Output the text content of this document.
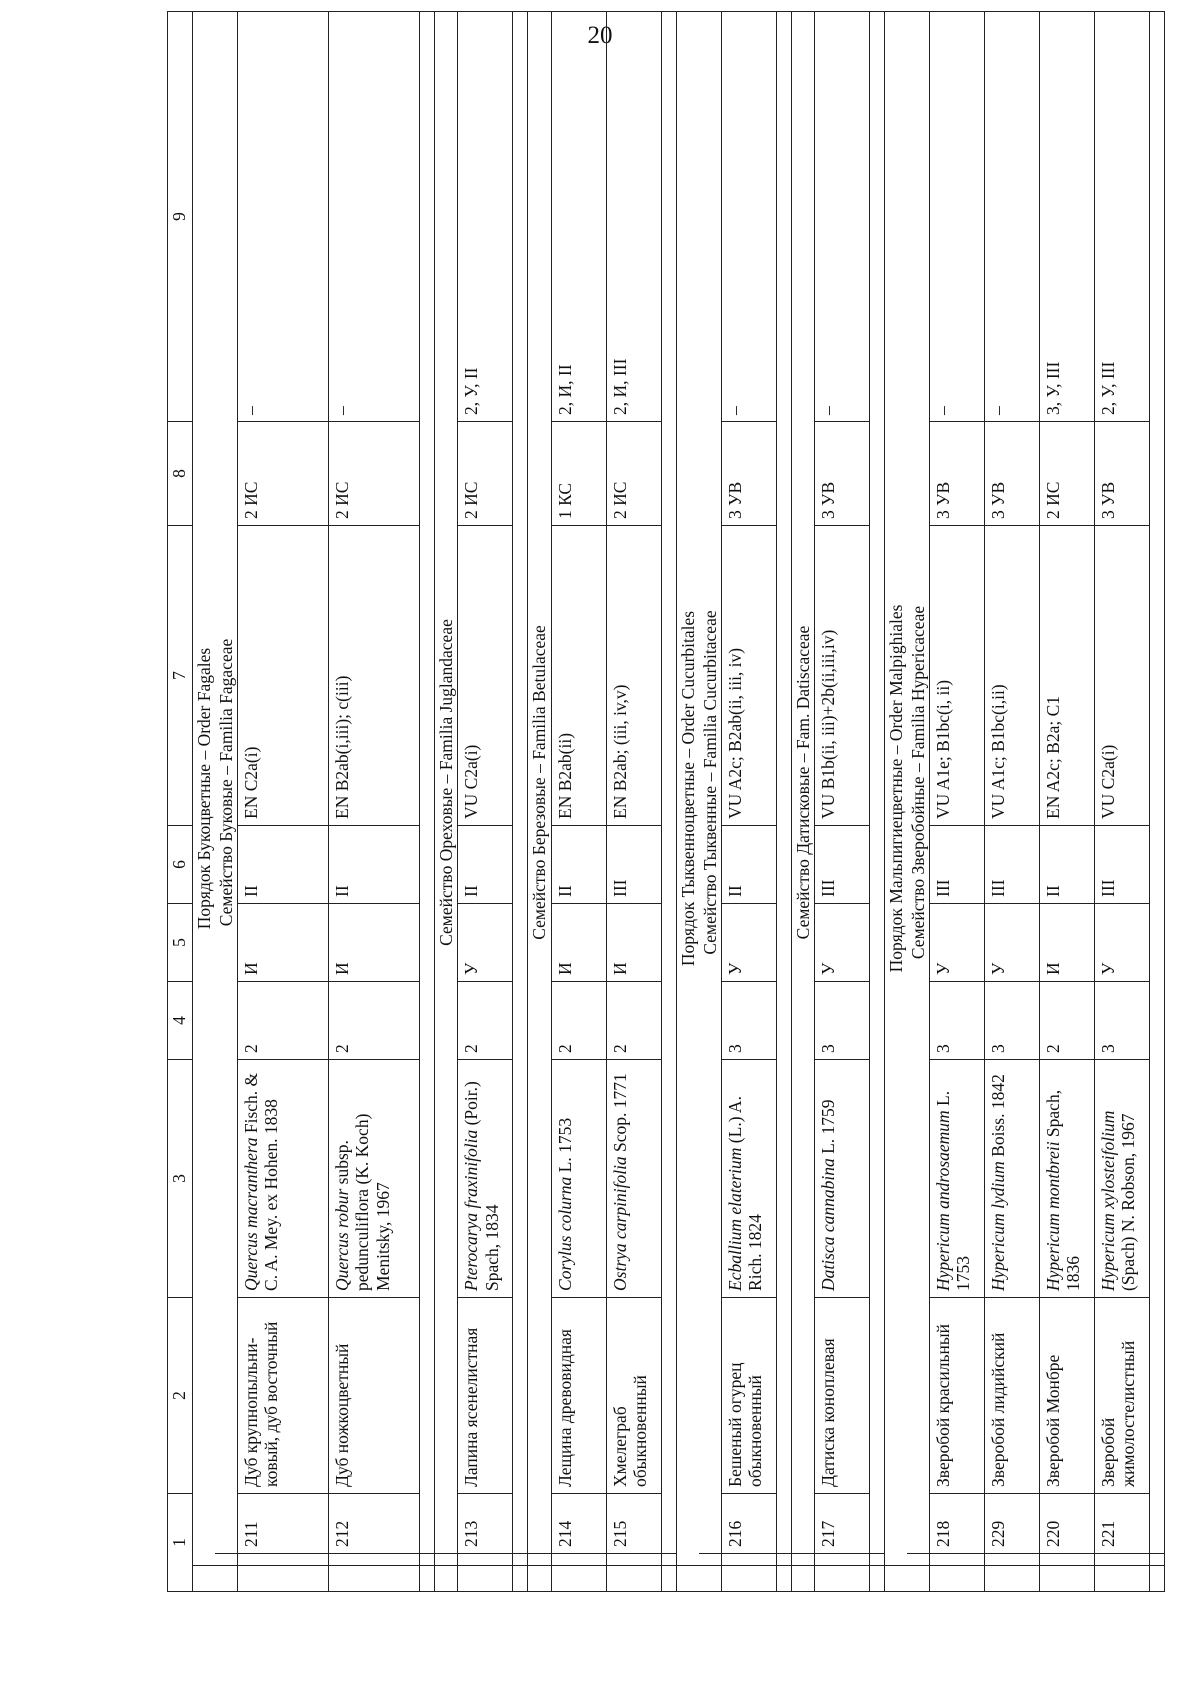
20
1			2	3	4	5	6	7	8	9
	Порядок Букоцветные – Order Fagales									
		Семейство Буковые – Familia Fagaceae								
		211	Дуб крупнопыльни-ковый, дуб восточный	Quercus macranthera Fisch. & C. A. Mey. ex Hohen. 1838	2	И	II	EN C2a(i)	2 ИС	–
		212	Дуб ножкоцветный	Quercus robur subsp. pedunculiflora (K. Koch) Menitsky, 1967	2	И	II	EN B2ab(i,iii); c(iii)	2 ИС	–

		Семейство Ореховые – Familia Juglandaceae								
		213	Лапина ясенелистная	Pterocarya fraxinifolia (Poir.) Spach, 1834	2	У	II	VU C2a(i)	2 ИС	2, У, II

		Семейство Березовые – Familia Betulaceae								
		214	Лещина древовидная	Corylus colurna L. 1753	2	И	II	EN B2ab(ii)	1 КС	2, И, II
		215	Хмелеграб обыкновенный	Ostrya carpinifolia Scop. 1771	2	И	III	EN B2ab; (iii, iv,v)	2 ИС	2, И, III

	Порядок Тыквенноцветные – Order Cucurbitales									
		Семейство Тыквенные – Familia Cucurbitaceae								
		216	Бешеный огурец обыкновенный	Ecballium elaterium (L.) A. Rich. 1824	3	У	II	VU A2c; B2ab(ii, iii, iv)	3 УВ	–

		Семейство Датисковые – Fam. Datiscaceae								
		217	Датиска коноплевая	Datisca cannabina L. 1759	3	У	III	VU B1b(ii, iii)+2b(ii,iii,iv)	3 УВ	–

	Порядок Мальпигиецветные – Order Malpighiales									
		Семейство Зверобойные – Familia Hypericaceae								
		218	Зверобой красильный	Hypericum androsaemum L. 1753	3	У	III	VU A1e; B1bc(i, ii)	3 УВ	–
		229	Зверобой лидийский	Hypericum lydium Boiss. 1842	3	У	III	VU A1c; B1bc(i,ii)	3 УВ	–
		220	Зверобой Монбре	Hypericum montbreii Spach, 1836	2	И	II	EN A2c; B2a; C1	2 ИС	3, У, III
		221	Зверобой жимолостелистный	Hypericum xylosteifolium (Spach) N. Robson, 1967	3	У	III	VU C2a(i)	3 УВ	2, У, III
